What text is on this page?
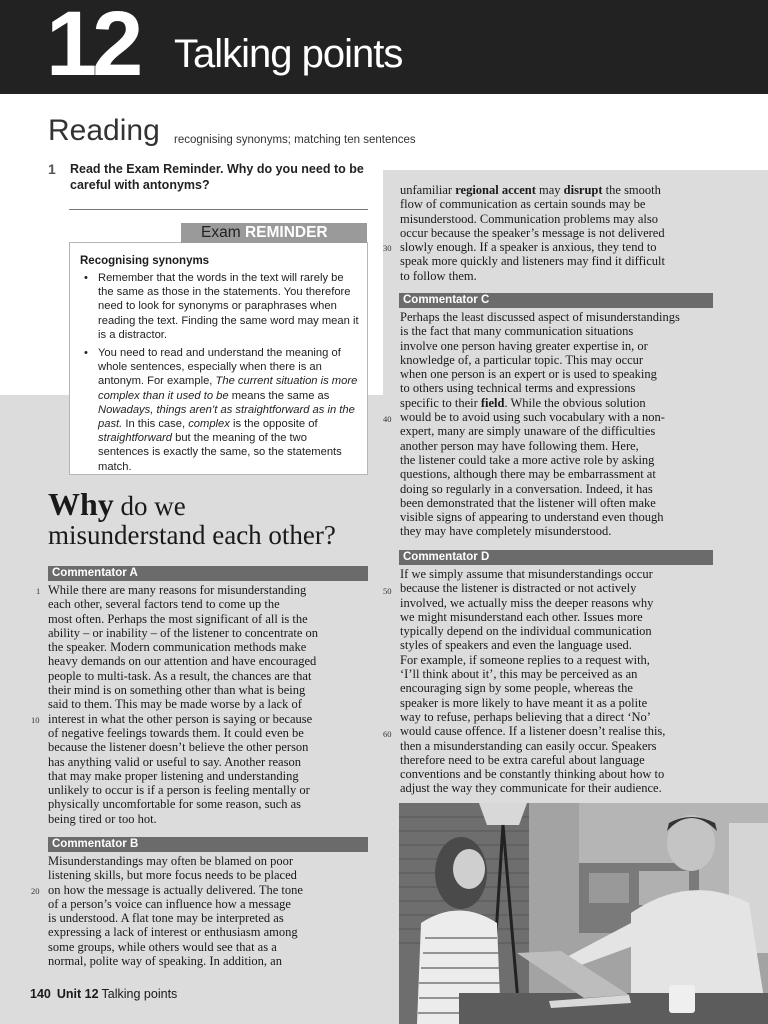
12 Talking points
Reading recognising synonyms; matching ten sentences
1 Read the Exam Reminder. Why do you need to be careful with antonyms?
Exam REMINDER
Recognising synonyms
• Remember that the words in the text will rarely be the same as those in the statements. You therefore need to look for synonyms or paraphrases when reading the text. Finding the same word may mean it is a distractor.
• You need to read and understand the meaning of whole sentences, especially when there is an antonym. For example, The current situation is more complex than it used to be means the same as Nowadays, things aren’t as straightforward as in the past. In this case, complex is the opposite of straightforward but the meaning of the two sentences is exactly the same, so the statements match.
Why do we
misunderstand each other?
Commentator A
While there are many reasons for misunderstanding
each other, several factors tend to come up the
most often. Perhaps the most significant of all is the
ability – or inability – of the listener to concentrate on
the speaker. Modern communication methods make
heavy demands on our attention and have encouraged
people to multi-task. As a result, the chances are that
their mind is on something other than what is being
said to them. This may be made worse by a lack of
interest in what the other person is saying or because
of negative feelings towards them. It could even be
because the listener doesn’t believe the other person
has anything valid or useful to say. Another reason
that may make proper listening and understanding
unlikely to occur is if a person is feeling mentally or
physically uncomfortable for some reason, such as
being tired or too hot.
Commentator B
Misunderstandings may often be blamed on poor
listening skills, but more focus needs to be placed
on how the message is actually delivered. The tone
of a person’s voice can influence how a message
is understood. A flat tone may be interpreted as
expressing a lack of interest or enthusiasm among
some groups, while others would see that as a
normal, polite way of speaking. In addition, an
unfamiliar regional accent may disrupt the smooth
flow of communication as certain sounds may be
misunderstood. Communication problems may also
occur because the speaker’s message is not delivered
slowly enough. If a speaker is anxious, they tend to
speak more quickly and listeners may find it difficult
to follow them.
Commentator C
Perhaps the least discussed aspect of misunderstandings
is the fact that many communication situations
involve one person having greater expertise in, or
knowledge of, a particular topic. This may occur
when one person is an expert or is used to speaking
to others using technical terms and expressions
specific to their field. While the obvious solution
would be to avoid using such vocabulary with a non-
expert, many are simply unaware of the difficulties
another person may have following them. Here,
the listener could take a more active role by asking
questions, although there may be embarrassment at
doing so regularly in a conversation. Indeed, it has
been demonstrated that the listener will often make
visible signs of appearing to understand even though
they may have completely misunderstood.
Commentator D
If we simply assume that misunderstandings occur
because the listener is distracted or not actively
involved, we actually miss the deeper reasons why
we might misunderstand each other. Issues more
typically depend on the individual communication
styles of speakers and even the language used.
For example, if someone replies to a request with,
‘I’ll think about it’, this may be perceived as an
encouraging sign by some people, whereas the
speaker is more likely to have meant it as a polite
way to refuse, perhaps believing that a direct ‘No’
would cause offence. If a listener doesn’t realise this,
then a misunderstanding can easily occur. Speakers
therefore need to be extra careful about language
conventions and be constantly thinking about how to
adjust the way they communicate for their audience.
1
10
20
30
40
50
60
140 Unit 12 Talking points
